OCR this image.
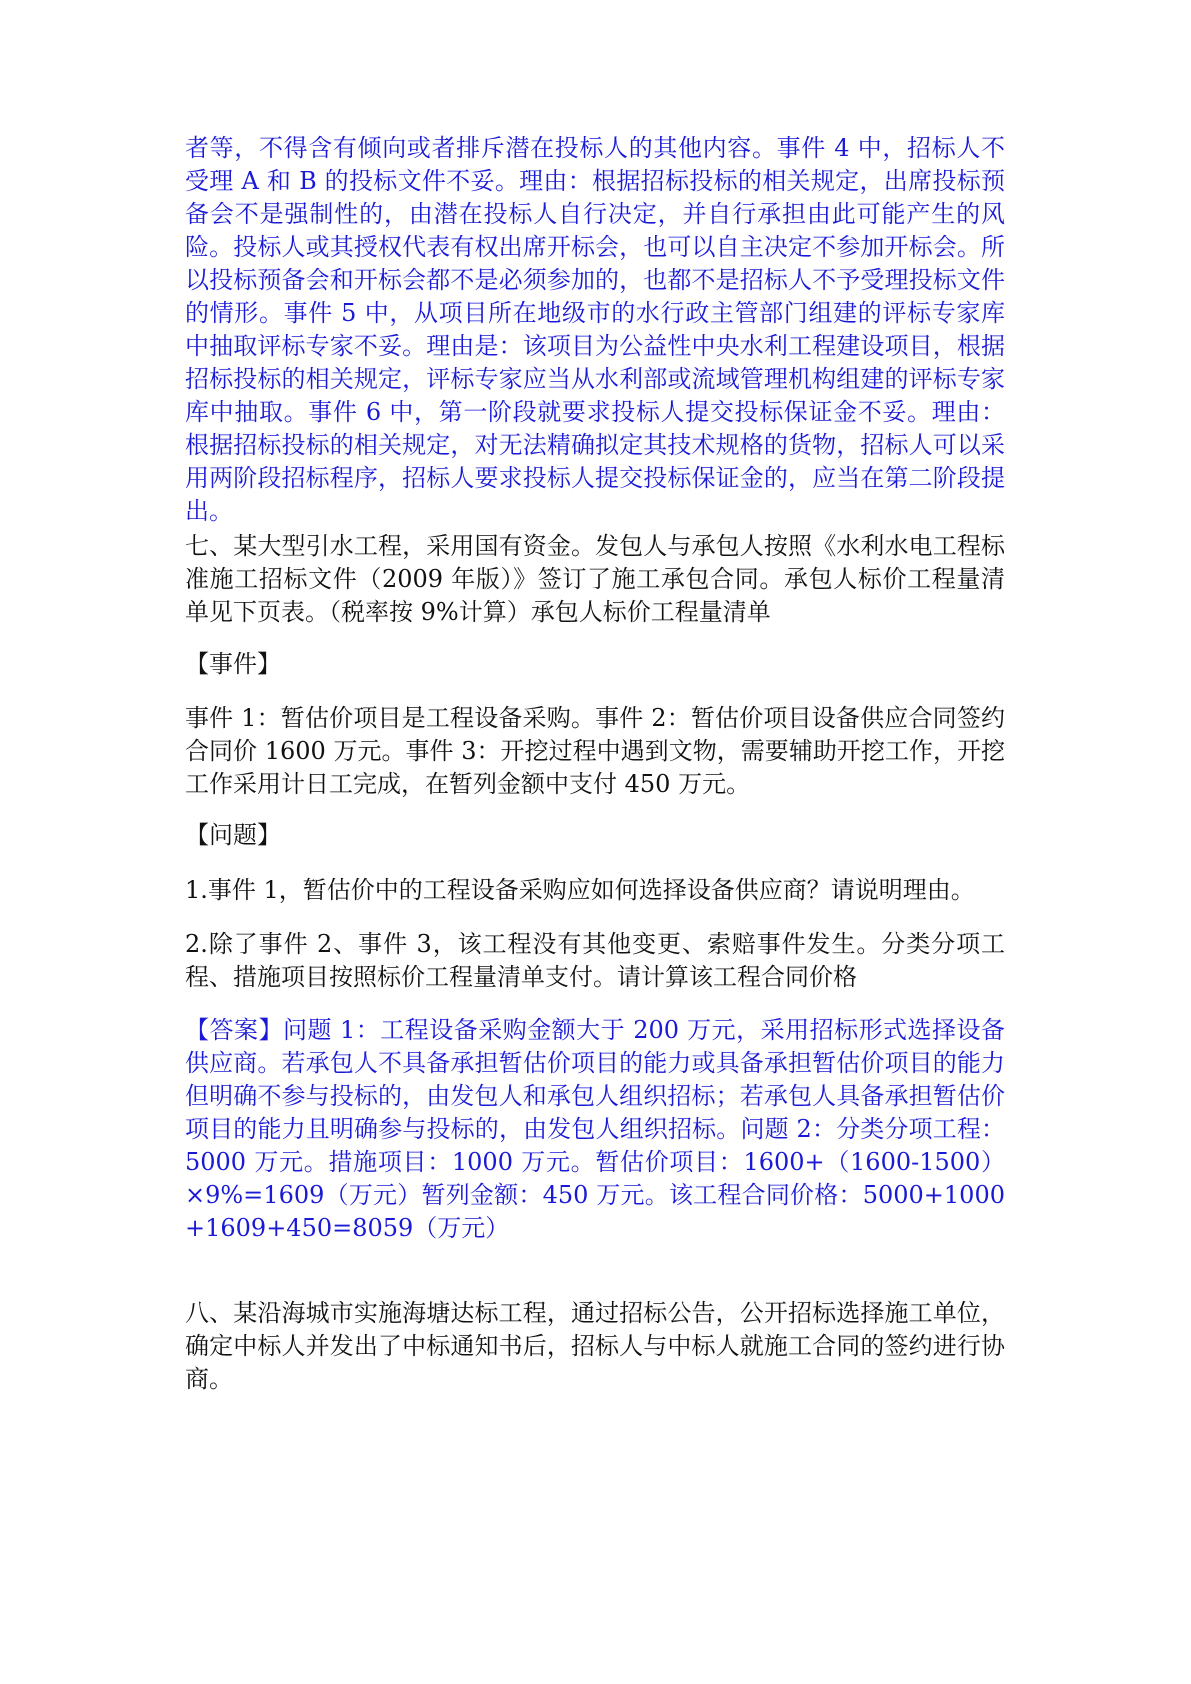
者等，不得含有倾向或者排斥潜在投标人的其他内容。事件 4 中，招标人不受理 A 和 B 的投标文件不妥。理由：根据招标投标的相关规定，出席投标预备会不是强制性的，由潜在投标人自行决定，并自行承担由此可能产生的风险。投标人或其授权代表有权出席开标会，也可以自主决定不参加开标会。所以投标预备会和开标会都不是必须参加的，也都不是招标人不予受理投标文件的情形。事件 5 中，从项目所在地级市的水行政主管部门组建的评标专家库中抽取评标专家不妥。理由是：该项目为公益性中央水利工程建设项目，根据招标投标的相关规定，评标专家应当从水利部或流域管理机构组建的评标专家库中抽取。事件 6 中，第一阶段就要求投标人提交投标保证金不妥。理由：根据招标投标的相关规定，对无法精确拟定其技术规格的货物，招标人可以采用两阶段招标程序，招标人要求投标人提交投标保证金的，应当在第二阶段提出。

七、某大型引水工程，采用国有资金。发包人与承包人按照《水利水电工程标准施工招标文件（2009 年版）》签订了施工承包合同。承包人标价工程量清单见下页表。（税率按 9%计算）承包人标价工程量清单

【事件】

事件 1：暂估价项目是工程设备采购。事件 2：暂估价项目设备供应合同签约合同价 1600 万元。事件 3：开挖过程中遇到文物，需要辅助开挖工作，开挖工作采用计日工完成，在暂列金额中支付 450 万元。

【问题】

1.事件 1，暂估价中的工程设备采购应如何选择设备供应商？请说明理由。

2.除了事件 2、事件 3，该工程没有其他变更、索赔事件发生。分类分项工程、措施项目按照标价工程量清单支付。请计算该工程合同价格

【答案】问题 1：工程设备采购金额大于 200 万元，采用招标形式选择设备供应商。若承包人不具备承担暂估价项目的能力或具备承担暂估价项目的能力但明确不参与投标的，由发包人和承包人组织招标；若承包人具备承担暂估价项目的能力且明确参与投标的，由发包人组织招标。问题 2：分类分项工程：5000 万元。措施项目：1000 万元。暂估价项目：1600+（1600-1500）×9%=1609（万元）暂列金额：450 万元。该工程合同价格：5000+1000+1609+450=8059（万元）

八、某沿海城市实施海塘达标工程，通过招标公告，公开招标选择施工单位，确定中标人并发出了中标通知书后，招标人与中标人就施工合同的签约进行协商。
